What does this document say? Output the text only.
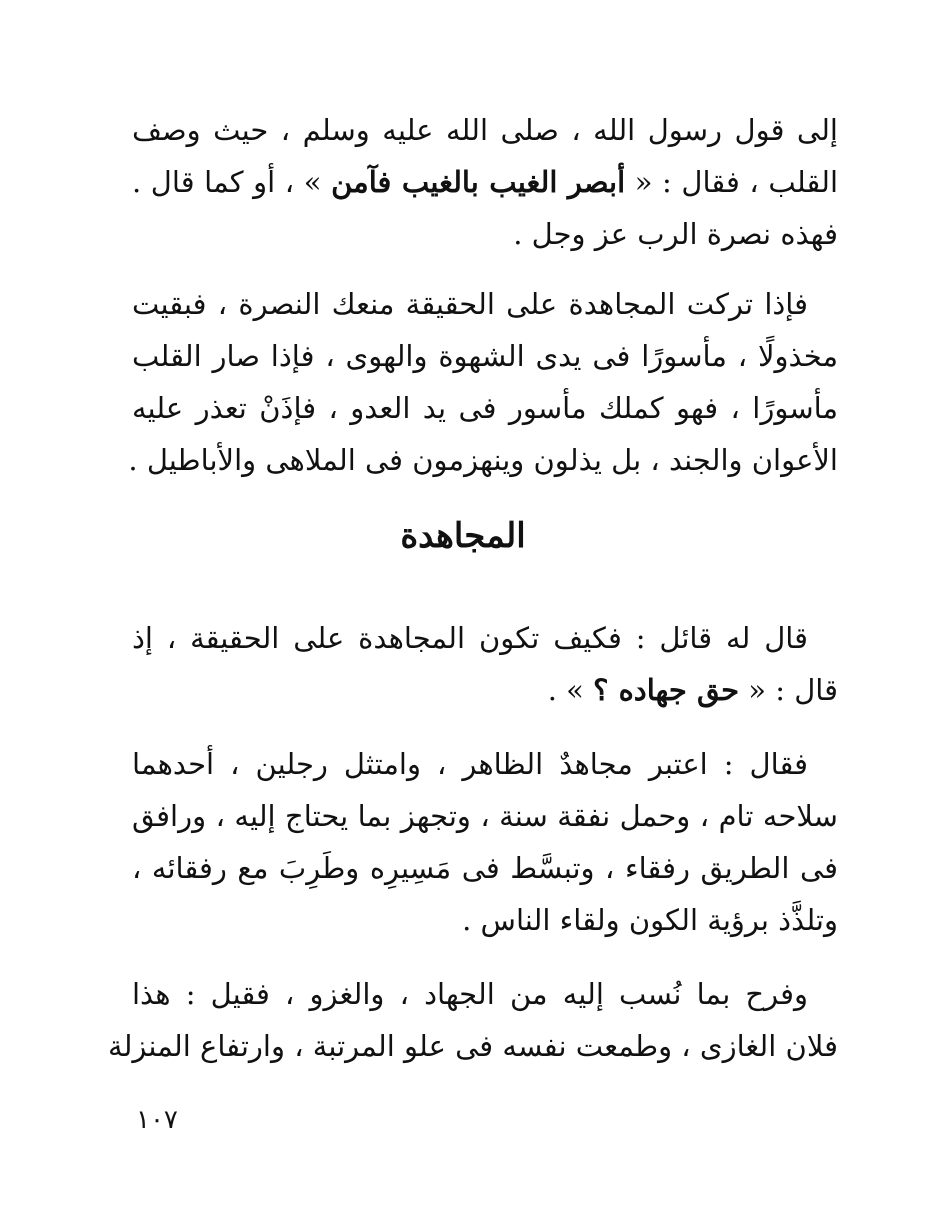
إلى قول رسول الله ، صلى الله عليه وسلم ، حيث وصف
القلب ، فقال : « أبصر الغيب بالغيب فآمن » ، أو كما قال .
فهذه نصرة الرب عز وجل .
فإذا تركت المجاهدة على الحقيقة منعك النصرة ، فبقيت
مخذولًا ، مأسورًا فى يدى الشهوة والهوى ، فإذا صار القلب
مأسورًا ، فهو كملك مأسور فى يد العدو ، فإذَنْ تعذر عليه
الأعوان والجند ، بل يذلون وينهزمون فى الملاهى والأباطيل .
المجاهدة
قال له قائل : فكيف تكون المجاهدة على الحقيقة ، إذ
قال : « حق جهاده ؟ » .
فقال : اعتبر مجاهدٌ الظاهر ، وامتثل رجلين ، أحدهما
سلاحه تام ، وحمل نفقة سنة ، وتجهز بما يحتاج إليه ، ورافق
فى الطريق رفقاء ، وتبسَّط فى مَسِيرِه وطَرِبَ مع رفقائه ،
وتلذَّذ برؤية الكون ولقاء الناس .
وفرح بما نُسب إليه من الجهاد ، والغزو ، فقيل : هذا
فلان الغازى ، وطمعت نفسه فى علو المرتبة ، وارتفاع المنزلة
١٠٧
